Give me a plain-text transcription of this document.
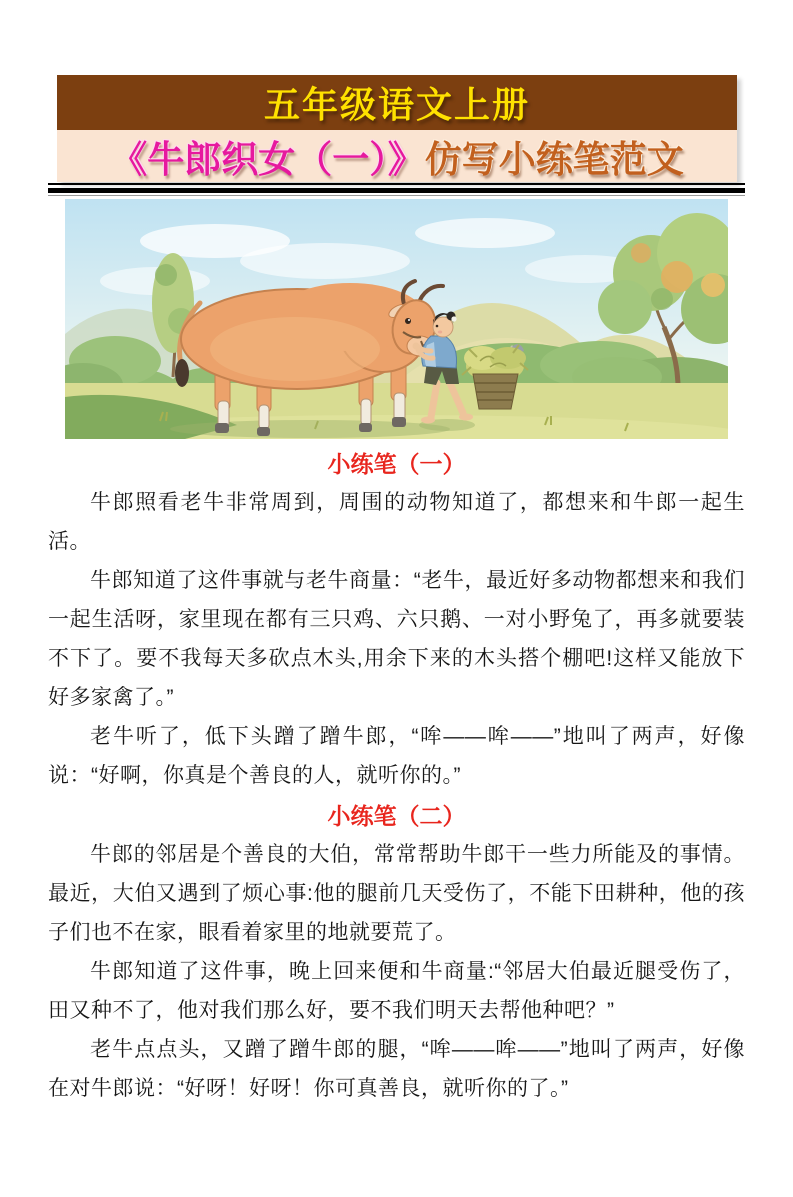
五年级语文上册
《牛郎织女（一）》 仿写小练笔范文
小练笔（一）

牛郎照看老牛非常周到，周围的动物知道了，都想来和牛郎一起生活。

牛郎知道了这件事就与老牛商量：“老牛，最近好多动物都想来和我们一起生活呀，家里现在都有三只鸡、六只鹅、一对小野兔了，再多就要装不下了。要不我每天多砍点木头,用余下来的木头搭个棚吧!这样又能放下好多家禽了。”

老牛听了，低下头蹭了蹭牛郎，“哞——哞——”地叫了两声，好像说：“好啊，你真是个善良的人，就听你的。”

小练笔（二）

牛郎的邻居是个善良的大伯，常常帮助牛郎干一些力所能及的事情。最近，大伯又遇到了烦心事:他的腿前几天受伤了，不能下田耕种，他的孩子们也不在家，眼看着家里的地就要荒了。

牛郎知道了这件事，晚上回来便和牛商量:“邻居大伯最近腿受伤了，田又种不了，他对我们那么好，要不我们明天去帮他种吧？”

老牛点点头，又蹭了蹭牛郎的腿，“哞——哞——”地叫了两声，好像在对牛郎说：“好呀！好呀！你可真善良，就听你的了。”
